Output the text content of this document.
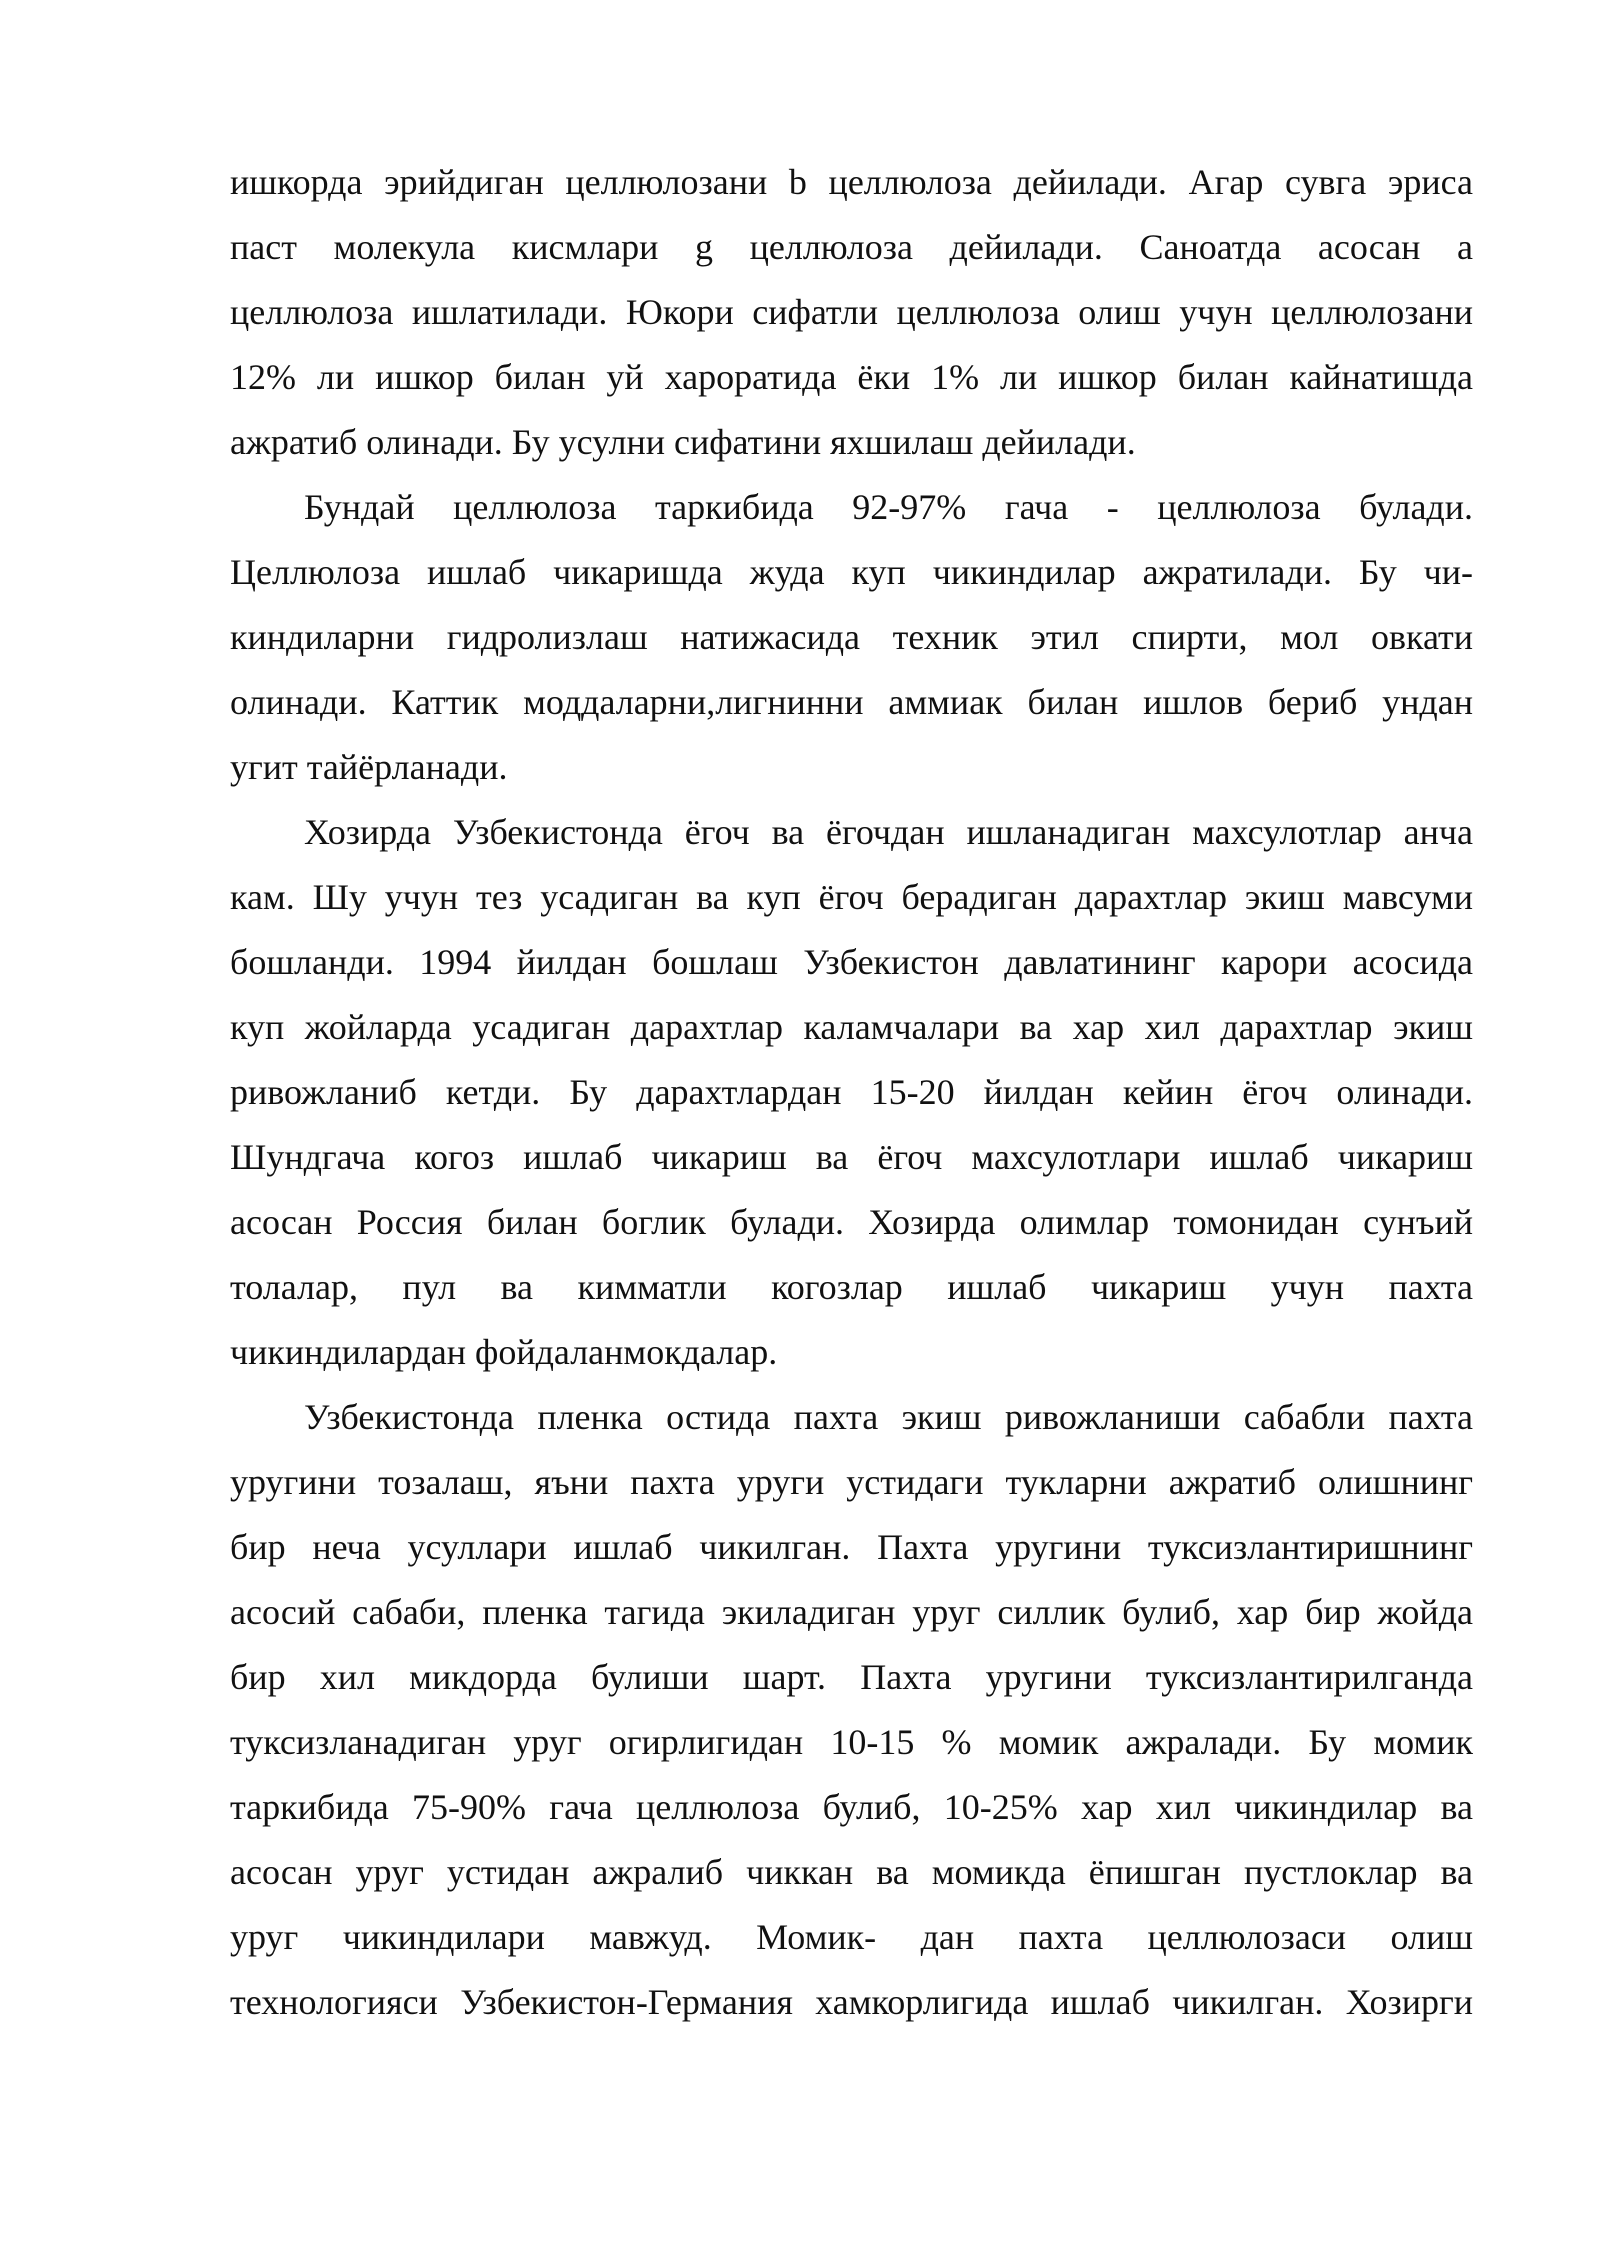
ишкорда эрийдиган целлюлозани b целлюлоза дейилади. Агар сувга эриса
паст молекула кисмлари g целлюлоза дейилади. Саноатда асосан а
целлюлоза ишлатилади. Юкори сифатли целлюлоза олиш учун целлюлозани
12% ли ишкор билан уй хароратида ёки 1% ли ишкор билан кайнатишда
ажратиб олинади. Бу усулни сифатини яхшилаш дейилади.
Бундай целлюлоза таркибида 92-97% гача - целлюлоза булади.
Целлюлоза ишлаб чикаришда жуда куп чикиндилар ажратилади. Бу чи-
киндиларни гидролизлаш натижасида техник этил спирти, мол овкати
олинади. Каттик моддаларни,лигнинни аммиак билан ишлов бериб ундан
угит тайёрланади.
Хозирда Узбекистонда ёгоч ва ёгочдан ишланадиган махсулотлар анча
кам. Шу учун тез усадиган ва куп ёгоч берадиган дарахтлар экиш мавсуми
бошланди. 1994 йилдан бошлаш Узбекистон давлатининг карори асосида
куп жойларда усадиган дарахтлар каламчалари ва хар хил дарахтлар экиш
ривожланиб кетди. Бу дарахтлардан 15-20 йилдан кейин ёгоч олинади.
Шундгача когоз ишлаб чикариш ва ёгоч махсулотлари ишлаб чикариш
асосан Россия билан боглик булади. Хозирда олимлар томонидан сунъий
толалар, пул ва кимматли когозлар ишлаб чикариш учун пахта
чикиндилардан фойдаланмокдалар.
Узбекистонда пленка остида пахта экиш ривожланиши сабабли пахта
уругини тозалаш, яъни пахта уруги устидаги тукларни ажратиб олишнинг
бир неча усуллари ишлаб чикилган. Пахта уругини туксизлантиришнинг
асосий сабаби, пленка тагида экиладиган уруг силлик булиб, хар бир жойда
бир хил микдорда булиши шарт. Пахта уругини туксизлантирилганда
туксизланадиган уруг огирлигидан 10-15 % момик ажралади. Бу момик
таркибида 75-90% гача целлюлоза булиб, 10-25% хар хил чикиндилар ва
асосан уруг устидан ажралиб чиккан ва момикда ёпишган пустлоклар ва
уруг чикиндилари мавжуд. Момик- дан пахта целлюлозаси олиш
технологияси Узбекистон-Германия хамкорлигида ишлаб чикилган. Хозирги
